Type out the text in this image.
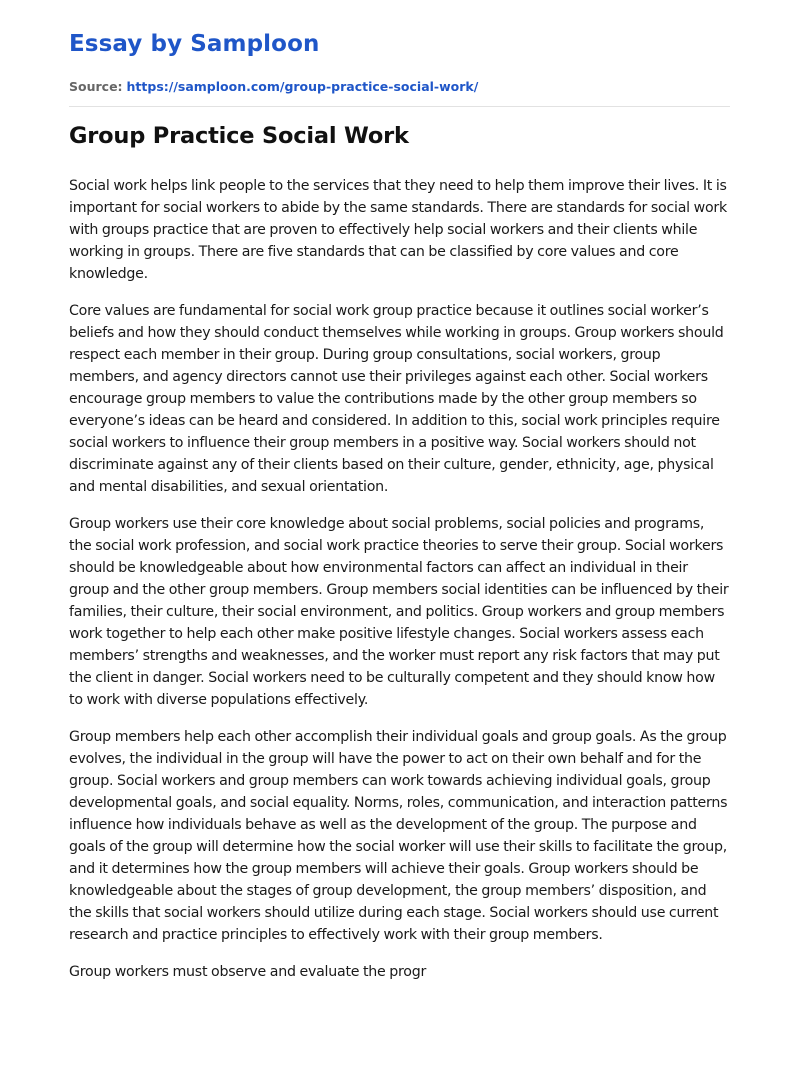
Essay by Samploon
Source: https://samploon.com/group-practice-social-work/
Group Practice Social Work

Social work helps link people to the services that they need to help them improve their lives. It is important for social workers to abide by the same standards. There are standards for social work with groups practice that are proven to effectively help social workers and their clients while working in groups. There are five standards that can be classified by core values and core knowledge.

Core values are fundamental for social work group practice because it outlines social worker’s beliefs and how they should conduct themselves while working in groups. Group workers should respect each member in their group. During group consultations, social workers, group members, and agency directors cannot use their privileges against each other. Social workers encourage group members to value the contributions made by the other group members so everyone’s ideas can be heard and considered. In addition to this, social work principles require social workers to influence their group members in a positive way. Social workers should not discriminate against any of their clients based on their culture, gender, ethnicity, age, physical and mental disabilities, and sexual orientation.

Group workers use their core knowledge about social problems, social policies and programs, the social work profession, and social work practice theories to serve their group. Social workers should be knowledgeable about how environmental factors can affect an individual in their group and the other group members. Group members social identities can be influenced by their families, their culture, their social environment, and politics. Group workers and group members work together to help each other make positive lifestyle changes. Social workers assess each members’ strengths and weaknesses, and the worker must report any risk factors that may put the client in danger. Social workers need to be culturally competent and they should know how to work with diverse populations effectively.

Group members help each other accomplish their individual goals and group goals. As the group evolves, the individual in the group will have the power to act on their own behalf and for the group. Social workers and group members can work towards achieving individual goals, group developmental goals, and social equality. Norms, roles, communication, and interaction patterns influence how individuals behave as well as the development of the group. The purpose and goals of the group will determine how the social worker will use their skills to facilitate the group, and it determines how the group members will achieve their goals. Group workers should be knowledgeable about the stages of group development, the group members’ disposition, and the skills that social workers should utilize during each stage. Social workers should use current research and practice principles to effectively work with their group members.

Group workers must observe and evaluate the progr
